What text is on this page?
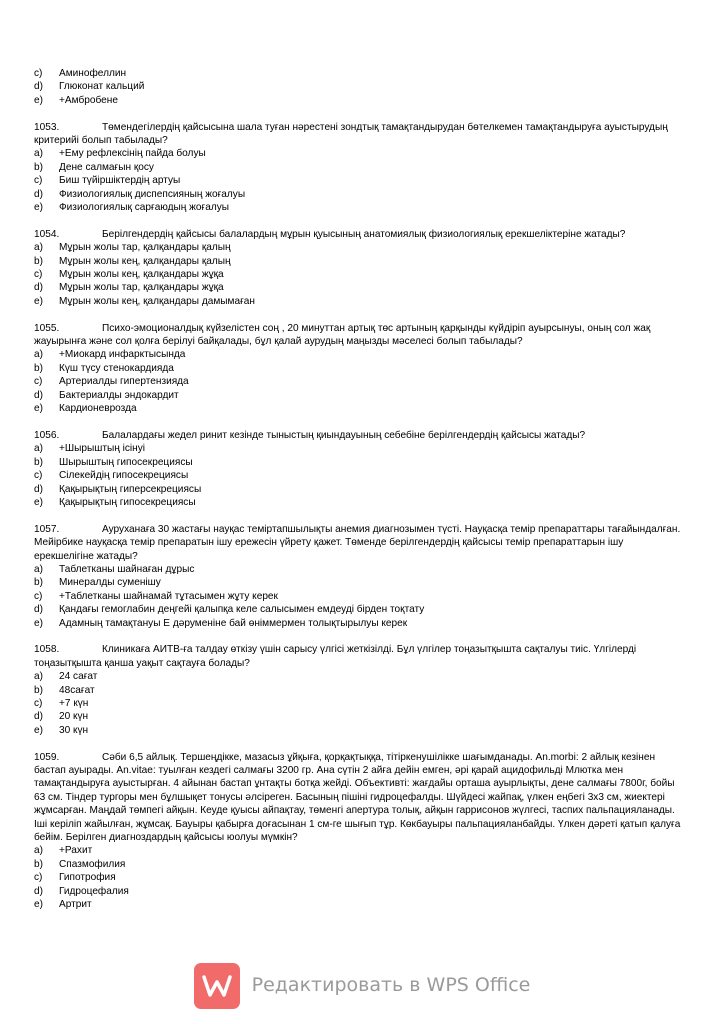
c)	Аминофеллин
d)	Глюконат кальций
e)	+Амбробене
1053.	Төмендегілердің қайсысына шала туған нәрестені зондтық тамақтандырудан бөтелкемен тамақтандыруға ауыстырудың критерийі болып табылады?
a)	+Ему рефлексінің пайда болуы
b)	Дене салмағын қосу
c)	Биш түйіршіктердің артуы
d)	Физиологиялық диспепсияның жоғалуы
e)	Физиологиялық сарғаюдың жоғалуы
1054.	Берілгендердің қайсысы балалардың мұрын қуысының анатомиялық физиологиялық ерекшеліктеріне жатады?
a)	Мұрын жолы тар, қалқандары қалың
b)	Мұрын жолы кең, қалқандары қалың
c)	Мұрын жолы кең, қалқандары жұқа
d)	Мұрын жолы тар, қалқандары жұқа
e)	Мұрын жолы кең, қалқандары дамымаған
1055.	Психо-эмоционалдық күйзелістен соң , 20 минуттан артық төс артының қарқынды күйдіріп ауырсынуы, оның сол жақ жауырынға және сол қолға берілуі байқалады, бұл қалай аурудың маңызды мәселесі болып табылады?
a)	+Миокард инфарктысында
b)	Күш түсу стенокардияда
c)	Артериалды гипертензияда
d)	Бактериалды эндокардит
e)	Кардионевроздa
1056.	Балалардағы жедел ринит кезінде тыныстың қиындауының себебіне берілгендердің қайсысы жатады?
a)	+Шырыштың ісінуі
b)	Шырыштың гипосекрециясы
c)	Сілекейдің гипосекрециясы
d)	Қақырықтың гиперсекрециясы
e)	Қақырықтың гипосекрециясы
1057.	Ауруханаға 30 жастағы науқас теміртапшылықты анемия диагнозымен түсті. Науқасқа темір препараттары тағайындалған. Мейірбике науқасқа темір препаратын ішу ережесін үйрету қажет. Төменде берілгендердің қайсысы темір препараттарын ішу ерекшелігіне жатады?
a)	Таблетканы шайнаған дұрыс
b)	Минералды суменішу
c)	+Таблетканы шайнамай тұтасымен жұту керек
d)	Қандағы гемоглабин деңгейі қалыпқа келе салысымен емдеуді бірден тоқтату
e)	Адамның тамақтануы Е дәруменіне бай өніммермен толықтырылуы керек
1058.	Клиникаға АИТВ-ға талдау өткізу үшін сарысу үлгісі жеткізілді. Бұл үлгілер тоңазытқышта сақталуы тиіс. Үлгілерді тоңазытқышта қанша уақыт сақтауға болады?
a)	24 сағат
b)	48сағат
c)	+7 күн
d)	20 күн
e)	30 күн
1059.	Сәби 6,5 айлық. Тершеңдікке, мазасыз ұйқыға, қорқақтыққа, тітіркенушілікке шағымданады. An.morbi: 2 айлық кезінен бастап ауырады. An.vitae: туылған кездегі салмағы 3200 гр. Ана сүтін 2 айға дейін емген, әрі қарай ацидофильді Млютка мен тамақтандыруға ауыстырған. 4 айынан бастап ұнтақты ботқа жейді. Объективті: жағдайы орташа ауырлықты, дене салмағы 7800г, бойы 63 см. Тіндер тургоры мен бұлшықет тонусы әлсіреген. Басының пішіні гидроцефалды. Шүйдесі жайпақ, үлкен еңбегі 3х3 см, жиектері жұмсарған. Маңдай төмпегі айқын. Кеуде қуысы айпақтау, төменгі апертура толық, айқын гаррисонов жүлгесі, таспих пальпацияланады. Іші керіліп жайылған, жұмсақ. Бауыры қабырға доғасынан 1 см-ге шығып тұр. Көкбауыры пальпацияланбайды. Үлкен дәреті қатып қалуға бейім. Берілген диагноздардың қайсысы юолуы мүмкін?
a)	+Рахит
b)	Спазмофилия
c)	Гипотрофия
d)	Гидроцефалия
e)	Артрит
Редактировать в WPS Office
